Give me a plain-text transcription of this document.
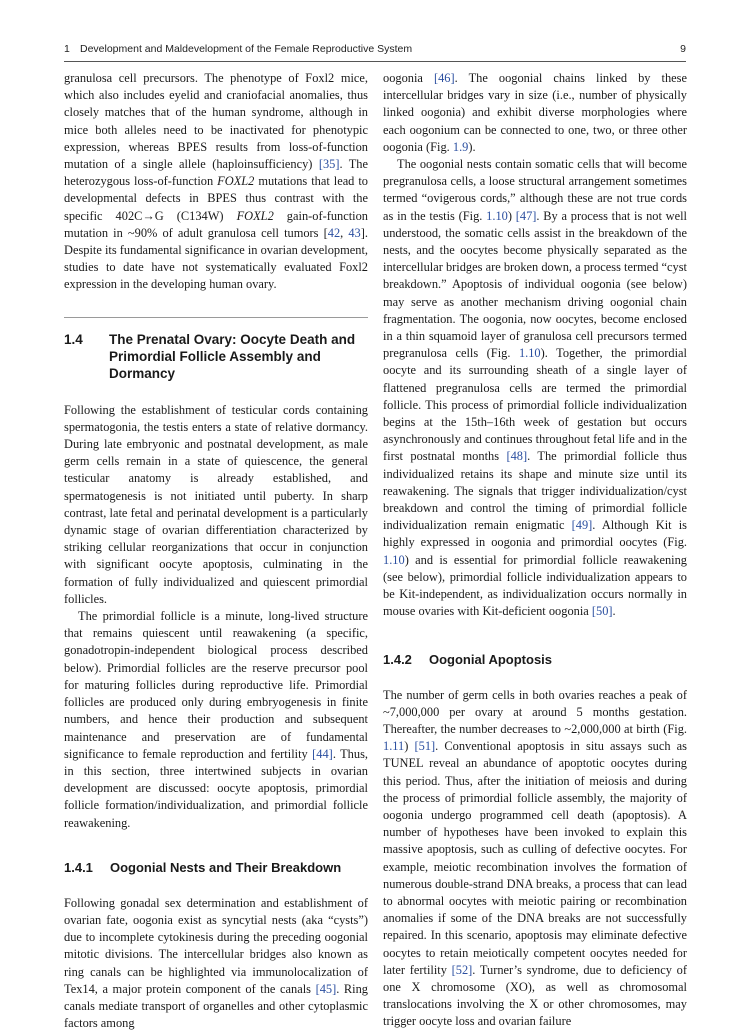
1 Development and Maldevelopment of the Female Reproductive System	9

granulosa cell precursors. The phenotype of Foxl2 mice, which also includes eyelid and craniofacial anomalies, thus closely matches that of the human syndrome, although in mice both alleles need to be inactivated for phenotypic expression, whereas BPES results from loss-of-function mutation of a single allele (haploinsufficiency) [35]. The heterozygous loss-of-function FOXL2 mutations that lead to developmental defects in BPES thus contrast with the specific 402C→G (C134W) FOXL2 gain-of-function mutation in ~90% of adult granulosa cell tumors [42, 43]. Despite its fundamental significance in ovarian development, studies to date have not systematically evaluated Foxl2 expression in the developing human ovary.

1.4	The Prenatal Ovary: Oocyte Death and Primordial Follicle Assembly and Dormancy

Following the establishment of testicular cords containing spermatogonia, the testis enters a state of relative dormancy. During late embryonic and postnatal development, as male germ cells remain in a state of quiescence, the general testicular anatomy is already established, and spermatogenesis is not initiated until puberty. In sharp contrast, late fetal and perinatal development is a particularly dynamic stage of ovarian differentiation characterized by striking cellular reorganizations that occur in conjunction with significant oocyte apoptosis, culminating in the formation of fully individualized and quiescent primordial follicles.

The primordial follicle is a minute, long-lived structure that remains quiescent until reawakening (a specific, gonadotropin-independent biological process described below). Primordial follicles are the reserve precursor pool for maturing follicles during reproductive life. Primordial follicles are produced only during embryogenesis in finite numbers, and hence their production and subsequent maintenance and preservation are of fundamental significance to female reproduction and fertility [44]. Thus, in this section, three intertwined subjects in ovarian development are discussed: oocyte apoptosis, primordial follicle formation/individualization, and primordial follicle reawakening.

1.4.1	Oogonial Nests and Their Breakdown

Following gonadal sex determination and establishment of ovarian fate, oogonia exist as syncytial nests (aka “cysts”) due to incomplete cytokinesis during the preceding oogonial mitotic divisions. The intercellular bridges also known as ring canals can be highlighted via immunolocalization of Tex14, a major protein component of the canals [45]. Ring canals mediate transport of organelles and other cytoplasmic factors among

oogonia [46]. The oogonial chains linked by these intercellular bridges vary in size (i.e., number of physically linked oogonia) and exhibit diverse morphologies where each oogonium can be connected to one, two, or three other oogonia (Fig. 1.9).

The oogonial nests contain somatic cells that will become pregranulosa cells, a loose structural arrangement sometimes termed “ovigerous cords,” although these are not true cords as in the testis (Fig. 1.10) [47]. By a process that is not well understood, the somatic cells assist in the breakdown of the nests, and the oocytes become physically separated as the intercellular bridges are broken down, a process termed “cyst breakdown.” Apoptosis of individual oogonia (see below) may serve as another mechanism driving oogonial chain fragmentation. The oogonia, now oocytes, become enclosed in a thin squamoid layer of granulosa cell precursors termed pregranulosa cells (Fig. 1.10). Together, the primordial oocyte and its surrounding sheath of a single layer of flattened pregranulosa cells are termed the primordial follicle. This process of primordial follicle individualization begins at the 15th–16th week of gestation but occurs asynchronously and continues throughout fetal life and in the first postnatal months [48]. The primordial follicle thus individualized retains its shape and minute size until its reawakening. The signals that trigger individualization/cyst breakdown and control the timing of primordial follicle individualization remain enigmatic [49]. Although Kit is highly expressed in oogonia and primordial oocytes (Fig. 1.10) and is essential for primordial follicle reawakening (see below), primordial follicle individualization appears to be Kit-independent, as individualization occurs normally in mouse ovaries with Kit-deficient oogonia [50].

1.4.2	Oogonial Apoptosis

The number of germ cells in both ovaries reaches a peak of ~7,000,000 per ovary at around 5 months gestation. Thereafter, the number decreases to ~2,000,000 at birth (Fig. 1.11) [51]. Conventional apoptosis in situ assays such as TUNEL reveal an abundance of apoptotic oocytes during this period. Thus, after the initiation of meiosis and during the process of primordial follicle assembly, the majority of oogonia undergo programmed cell death (apoptosis). A number of hypotheses have been invoked to explain this massive apoptosis, such as culling of defective oocytes. For example, meiotic recombination involves the formation of numerous double-strand DNA breaks, a process that can lead to abnormal oocytes with meiotic pairing or recombination anomalies if some of the DNA breaks are not successfully repaired. In this scenario, apoptosis may eliminate defective oocytes to retain meiotically competent oocytes needed for later fertility [52]. Turner’s syndrome, due to deficiency of one X chromosome (XO), as well as chromosomal translocations involving the X or other chromosomes, may trigger oocyte loss and ovarian failure
